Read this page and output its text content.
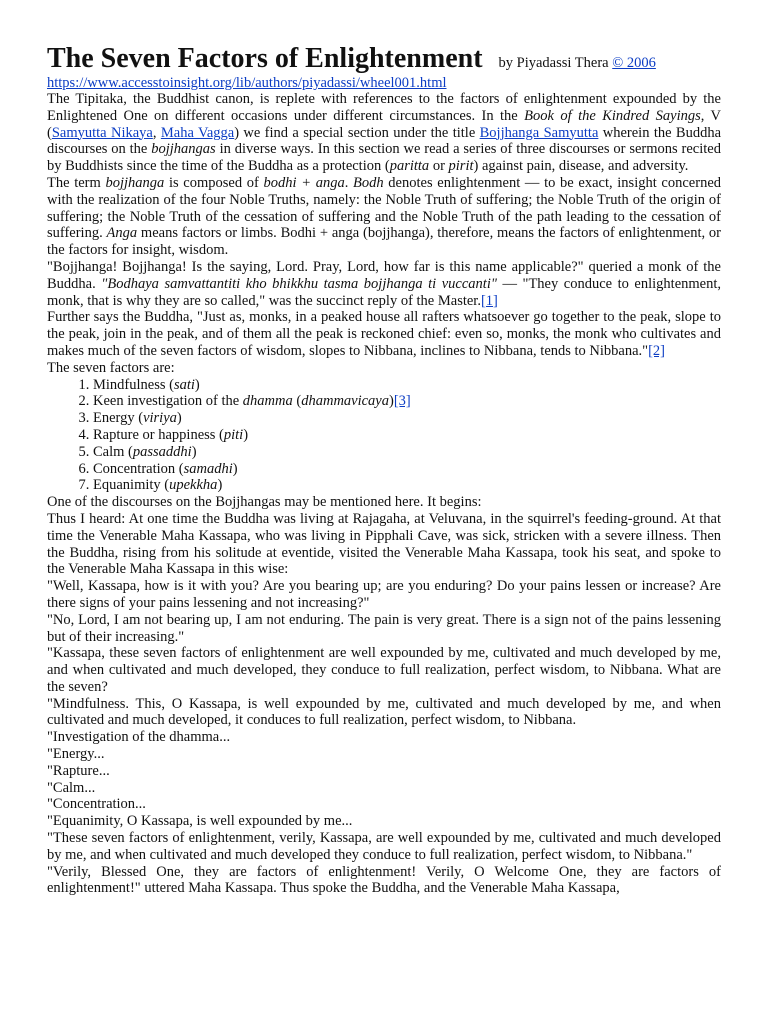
The Seven Factors of Enlightenment by Piyadassi Thera © 2006
https://www.accesstoinsight.org/lib/authors/piyadassi/wheel001.html

The Tipitaka, the Buddhist canon, is replete with references to the factors of enlightenment expounded by the Enlightened One on different occasions under different circumstances. In the Book of the Kindred Sayings, V (Samyutta Nikaya, Maha Vagga) we find a special section under the title Bojjhanga Samyutta wherein the Buddha discourses on the bojjhangas in diverse ways. In this section we read a series of three discourses or sermons recited by Buddhists since the time of the Buddha as a protection (paritta or pirit) against pain, disease, and adversity.

The term bojjhanga is composed of bodhi + anga. Bodh denotes enlightenment — to be exact, insight concerned with the realization of the four Noble Truths, namely: the Noble Truth of suffering; the Noble Truth of the origin of suffering; the Noble Truth of the cessation of suffering and the Noble Truth of the path leading to the cessation of suffering. Anga means factors or limbs. Bodhi + anga (bojjhanga), therefore, means the factors of enlightenment, or the factors for insight, wisdom.

"Bojjhanga! Bojjhanga! Is the saying, Lord. Pray, Lord, how far is this name applicable?" queried a monk of the Buddha. "Bodhaya samvattantiti kho bhikkhu tasma bojjhanga ti vuccanti" — "They conduce to enlightenment, monk, that is why they are so called," was the succinct reply of the Master.[1]

Further says the Buddha, "Just as, monks, in a peaked house all rafters whatsoever go together to the peak, slope to the peak, join in the peak, and of them all the peak is reckoned chief: even so, monks, the monk who cultivates and makes much of the seven factors of wisdom, slopes to Nibbana, inclines to Nibbana, tends to Nibbana."[2]

The seven factors are:

1. Mindfulness (sati)
2. Keen investigation of the dhamma (dhammavicaya)[3]
3. Energy (viriya)
4. Rapture or happiness (piti)
5. Calm (passaddhi)
6. Concentration (samadhi)
7. Equanimity (upekkha)

One of the discourses on the Bojjhangas may be mentioned here. It begins:

Thus I heard: At one time the Buddha was living at Rajagaha, at Veluvana, in the squirrel's feeding-ground. At that time the Venerable Maha Kassapa, who was living in Pipphali Cave, was sick, stricken with a severe illness. Then the Buddha, rising from his solitude at eventide, visited the Venerable Maha Kassapa, took his seat, and spoke to the Venerable Maha Kassapa in this wise:

"Well, Kassapa, how is it with you? Are you bearing up; are you enduring? Do your pains lessen or increase? Are there signs of your pains lessening and not increasing?"

"No, Lord, I am not bearing up, I am not enduring. The pain is very great. There is a sign not of the pains lessening but of their increasing."

"Kassapa, these seven factors of enlightenment are well expounded by me, cultivated and much developed by me, and when cultivated and much developed, they conduce to full realization, perfect wisdom, to Nibbana. What are the seven?

"Mindfulness. This, O Kassapa, is well expounded by me, cultivated and much developed by me, and when cultivated and much developed, it conduces to full realization, perfect wisdom, to Nibbana.

"Investigation of the dhamma...

"Energy...

"Rapture...

"Calm...

"Concentration...

"Equanimity, O Kassapa, is well expounded by me...

"These seven factors of enlightenment, verily, Kassapa, are well expounded by me, cultivated and much developed by me, and when cultivated and much developed they conduce to full realization, perfect wisdom, to Nibbana."

"Verily, Blessed One, they are factors of enlightenment! Verily, O Welcome One, they are factors of enlightenment!" uttered Maha Kassapa. Thus spoke the Buddha, and the Venerable Maha Kassapa,
